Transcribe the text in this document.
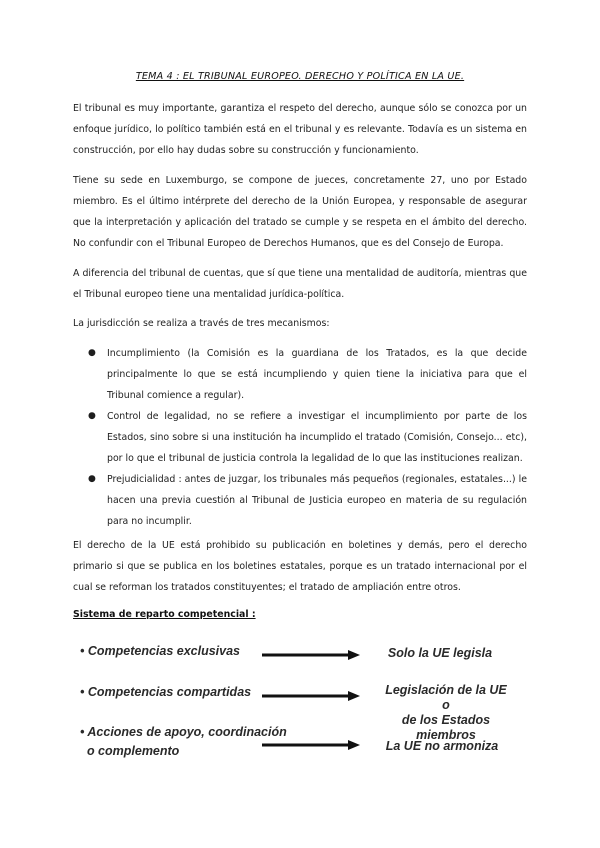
TEMA 4 : EL TRIBUNAL EUROPEO. DERECHO Y POLÍTICA EN LA UE.

El tribunal es muy importante, garantiza el respeto del derecho, aunque sólo se conozca por un enfoque jurídico, lo político también está en el tribunal y es relevante. Todavía es un sistema en construcción, por ello hay dudas sobre su construcción y funcionamiento.

Tiene su sede en Luxemburgo, se compone de jueces, concretamente 27, uno por Estado miembro. Es el último intérprete del derecho de la Unión Europea, y responsable de asegurar que la interpretación y aplicación del tratado se cumple y se respeta en el ámbito del derecho. No confundir con el Tribunal Europeo de Derechos Humanos, que es del Consejo de Europa.

A diferencia del tribunal de cuentas, que sí que tiene una mentalidad de auditoría, mientras que el Tribunal europeo tiene una mentalidad jurídica-política.

La jurisdicción se realiza a través de tres mecanismos:

● Incumplimiento (la Comisión es la guardiana de los Tratados, es la que decide principalmente lo que se está incumpliendo y quien tiene la iniciativa para que el Tribunal comience a regular).
● Control de legalidad, no se refiere a investigar el incumplimiento por parte de los Estados, sino sobre si una institución ha incumplido el tratado (Comisión, Consejo... etc), por lo que el tribunal de justicia controla la legalidad de lo que las instituciones realizan.
● Prejudicialidad : antes de juzgar, los tribunales más pequeños (regionales, estatales...) le hacen una previa cuestión al Tribunal de Justicia europeo en materia de su regulación para no incumplir.

El derecho de la UE está prohibido su publicación en boletines y demás, pero el derecho primario si que se publica en los boletines estatales, porque es un tratado internacional por el cual se reforman los tratados constituyentes; el tratado de ampliación entre otros.

Sistema de reparto competencial :
• Competencias exclusivas	Solo la UE legisla
• Competencias compartidas	Legislación de la UE o
de los Estados
miembros
• Acciones de apoyo, coordinación
o complemento	La UE no armoniza
